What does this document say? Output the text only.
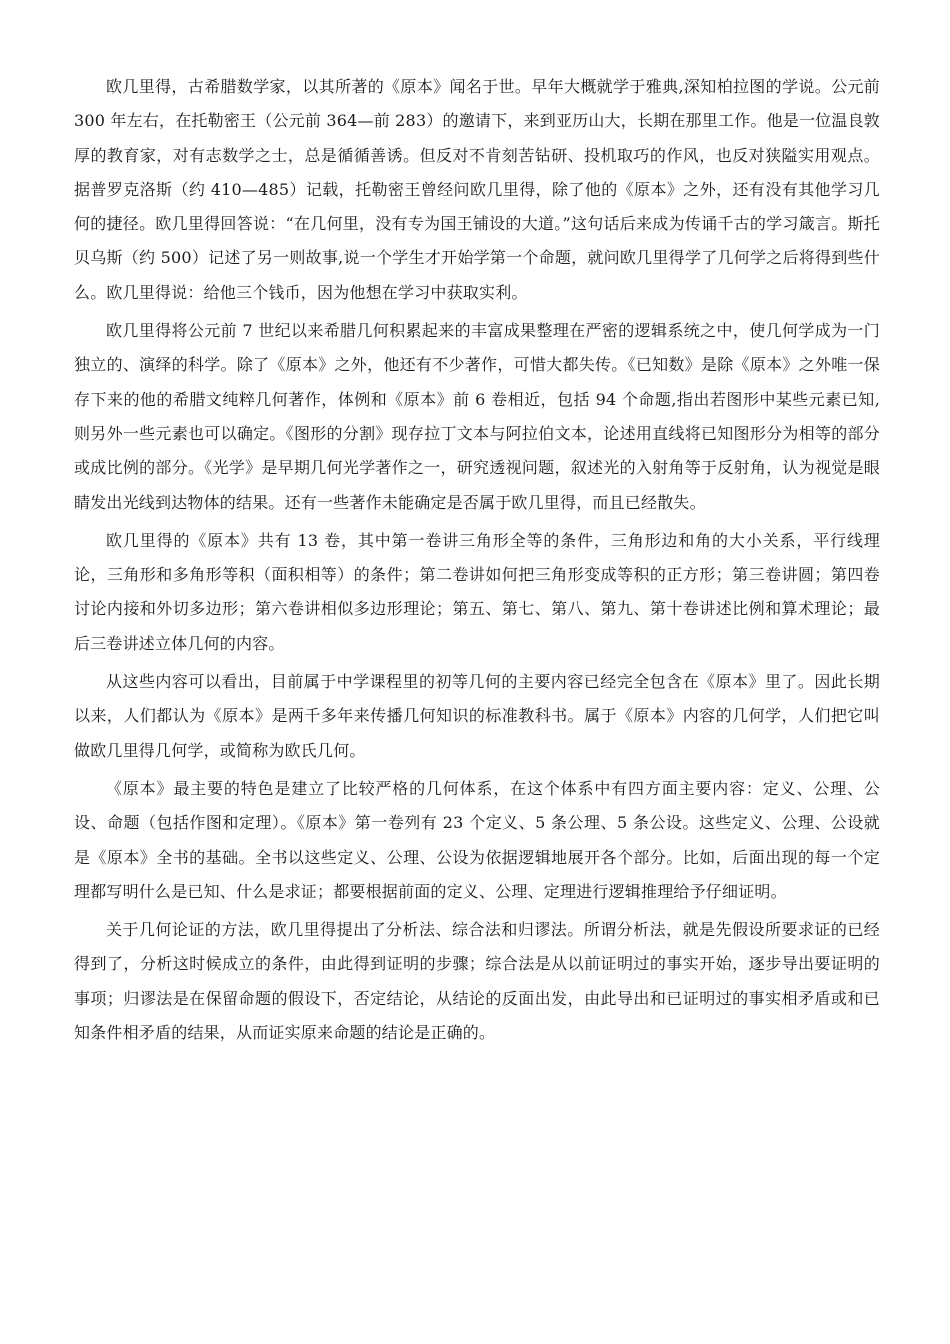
欧几里得，古希腊数学家，以其所著的《原本》闻名于世。早年大概就学于雅典,深知柏拉图的学说。公元前 300 年左右，在托勒密王（公元前 364—前 283）的邀请下，来到亚历山大，长期在那里工作。他是一位温良敦厚的教育家，对有志数学之士，总是循循善诱。但反对不肯刻苦钻研、投机取巧的作风，也反对狭隘实用观点。据普罗克洛斯（约 410—485）记载，托勒密王曾经问欧几里得，除了他的《原本》之外，还有没有其他学习几何的捷径。欧几里得回答说：“在几何里，没有专为国王铺设的大道。”这句话后来成为传诵千古的学习箴言。斯托贝乌斯（约 500）记述了另一则故事,说一个学生才开始学第一个命题，就问欧几里得学了几何学之后将得到些什么。欧几里得说：给他三个钱币，因为他想在学习中获取实利。

欧几里得将公元前 7 世纪以来希腊几何积累起来的丰富成果整理在严密的逻辑系统之中，使几何学成为一门独立的、演绎的科学。除了《原本》之外，他还有不少著作，可惜大都失传。《已知数》是除《原本》之外唯一保存下来的他的希腊文纯粹几何著作，体例和《原本》前 6 卷相近，包括 94 个命题,指出若图形中某些元素已知,则另外一些元素也可以确定。《图形的分割》现存拉丁文本与阿拉伯文本，论述用直线将已知图形分为相等的部分或成比例的部分。《光学》是早期几何光学著作之一，研究透视问题，叙述光的入射角等于反射角，认为视觉是眼睛发出光线到达物体的结果。还有一些著作未能确定是否属于欧几里得，而且已经散失。

欧几里得的《原本》共有 13 卷，其中第一卷讲三角形全等的条件，三角形边和角的大小关系，平行线理论，三角形和多角形等积（面积相等）的条件；第二卷讲如何把三角形变成等积的正方形；第三卷讲圆；第四卷讨论内接和外切多边形；第六卷讲相似多边形理论；第五、第七、第八、第九、第十卷讲述比例和算术理论；最后三卷讲述立体几何的内容。

从这些内容可以看出，目前属于中学课程里的初等几何的主要内容已经完全包含在《原本》里了。因此长期以来，人们都认为《原本》是两千多年来传播几何知识的标准教科书。属于《原本》内容的几何学，人们把它叫做欧几里得几何学，或简称为欧氏几何。

《原本》最主要的特色是建立了比较严格的几何体系，在这个体系中有四方面主要内容：定义、公理、公设、命题（包括作图和定理）。《原本》第一卷列有 23 个定义、5 条公理、5 条公设。这些定义、公理、公设就是《原本》全书的基础。全书以这些定义、公理、公设为依据逻辑地展开各个部分。比如，后面出现的每一个定理都写明什么是已知、什么是求证；都要根据前面的定义、公理、定理进行逻辑推理给予仔细证明。

关于几何论证的方法，欧几里得提出了分析法、综合法和归谬法。所谓分析法，就是先假设所要求证的已经得到了，分析这时候成立的条件，由此得到证明的步骤；综合法是从以前证明过的事实开始，逐步导出要证明的事项；归谬法是在保留命题的假设下，否定结论，从结论的反面出发，由此导出和已证明过的事实相矛盾或和已知条件相矛盾的结果，从而证实原来命题的结论是正确的。
